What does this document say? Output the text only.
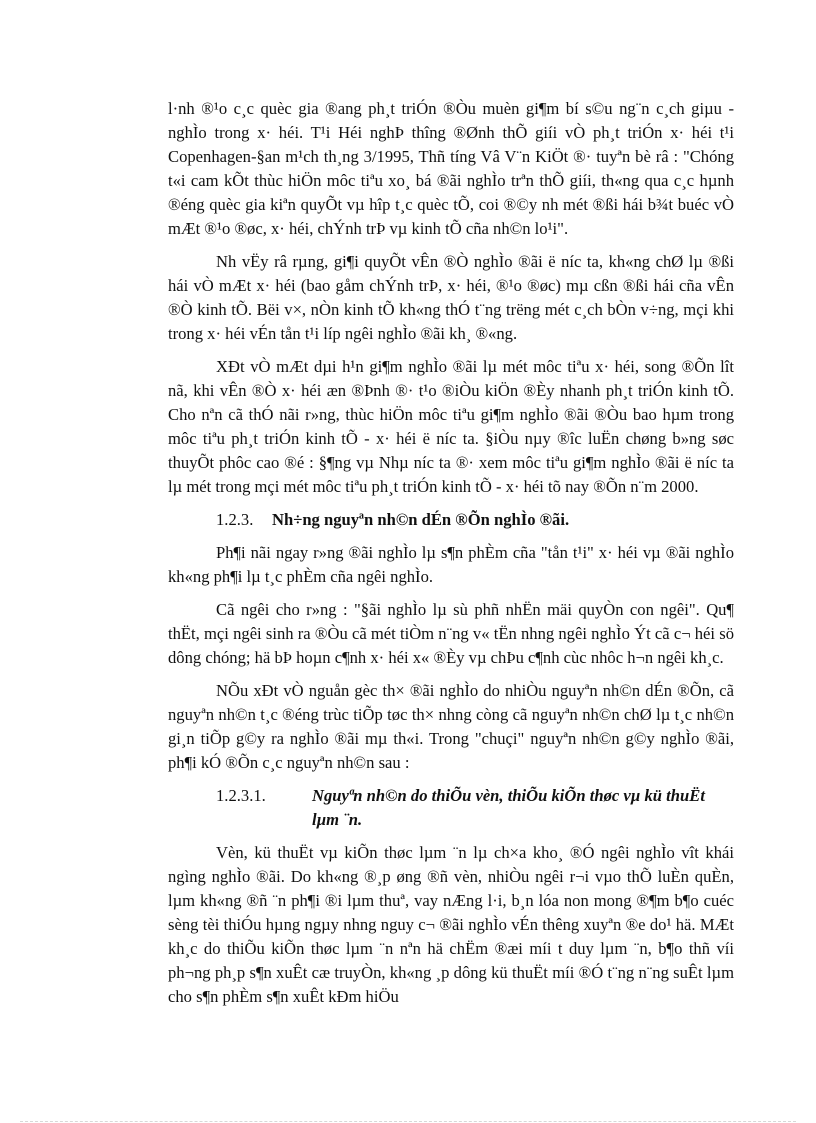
l·nh ®¹o c¸c quèc gia ®ang ph¸t triÓn ®Òu muèn gi¶m bí s©u ng¨n c¸ch giµu - nghÌo trong x· héi. T¹i Héi nghÞ thîng ®Ønh thÕ giíi vÒ ph¸t triÓn x· héi t¹i Copenhagen-§an m¹ch th¸ng 3/1995, Thñ tíng Vâ V¨n KiÖt ®· tuyªn bè râ : "Chóng t«i cam kÕt thùc hiÖn môc tiªu xo¸ bá ®ãi nghÌo trªn thÕ giíi, th«ng qua c¸c hµnh ®éng quèc gia kiªn quyÕt vµ hîp t¸c quèc tÕ, coi ®©y nh mét ®ßi hái b¾t buéc vÒ mÆt ®¹o ®øc, x· héi, chÝnh trÞ vµ kinh tÕ cña nh©n lo¹i".

Nh vËy râ rµng, gi¶i quyÕt vÊn ®Ò nghÌo ®ãi ë níc ta, kh«ng chØ lµ ®ßi hái vÒ mÆt x· héi (bao gåm chÝnh trÞ, x· héi, ®¹o ®øc) mµ cßn ®ßi hái cña vÊn ®Ò kinh tÕ. Bëi v×, nÒn kinh tÕ kh«ng thÓ t¨ng trëng mét c¸ch bÒn v÷ng, mçi khi trong x· héi vÉn tån t¹i líp ngêi nghÌo ®ãi kh¸ ®«ng.

XÐt vÒ mÆt dµi h¹n gi¶m nghÌo ®ãi lµ mét môc tiªu x· héi, song ®Õn lît nã, khi vÊn ®Ò x· héi æn ®Þnh ®· t¹o ®iÒu kiÖn ®Èy nhanh ph¸t triÓn kinh tÕ. Cho nªn cã thÓ nãi r»ng, thùc hiÖn môc tiªu gi¶m nghÌo ®ãi ®Òu bao hµm trong môc tiªu ph¸t triÓn kinh tÕ - x· héi ë níc ta. §iÒu nµy ®îc luËn chøng b»ng søc thuyÕt phôc cao ®é : §¶ng vµ Nhµ níc ta ®· xem môc tiªu gi¶m nghÌo ®ãi ë níc ta lµ mét trong mçi mét môc tiªu ph¸t triÓn kinh tÕ - x· héi tõ nay ®Õn n¨m 2000.

1.2.3.	Nh÷ng nguyªn nh©n dÉn ®Õn nghÌo ®ãi.

Ph¶i nãi ngay r»ng ®ãi nghÌo lµ s¶n phÈm cña "tån t¹i" x· héi vµ ®ãi nghÌo kh«ng ph¶i lµ t¸c phÈm cña ngêi nghÌo.

Cã ngêi cho r»ng : "§ãi nghÌo lµ sù phñ nhËn mäi quyÒn con ngêi". Qu¶ thËt, mçi ngêi sinh ra ®Òu cã mét tiÒm n¨ng v« tËn nhng ngêi nghÌo Ýt cã c¬ héi sö dông chóng; hä bÞ hoµn c¶nh x· héi x« ®Èy vµ chÞu c¶nh cùc nhôc h¬n ngêi kh¸c.

NÕu xÐt vÒ nguån gèc th× ®ãi nghÌo do nhiÒu nguyªn nh©n dÉn ®Õn, cã nguyªn nh©n t¸c ®éng trùc tiÕp tøc th× nhng còng cã nguyªn nh©n chØ lµ t¸c nh©n gi¸n tiÕp g©y ra nghÌo ®ãi mµ th«i. Trong "chuçi" nguyªn nh©n g©y nghÌo ®ãi, ph¶i kÓ ®Õn c¸c nguyªn nh©n sau :

1.2.3.1.	Nguyªn nh©n do thiÕu vèn, thiÕu kiÕn thøc vµ kü thuËt lµm ¨n.

Vèn, kü thuËt vµ kiÕn thøc lµm ¨n lµ ch×a kho¸ ®Ó ngêi nghÌo vît khái ngìng nghÌo ®ãi. Do kh«ng ®¸p øng ®ñ vèn, nhiÒu ngêi r¬i vµo thÕ luÈn quÈn, lµm kh«ng ®ñ ¨n ph¶i ®i lµm thuª, vay nÆng l·i, b¸n lóa non mong ®¶m b¶o cuéc sèng tèi thiÓu hµng ngµy nhng nguy c¬ ®ãi nghÌo vÉn thêng xuyªn ®e do¹ hä. MÆt kh¸c do thiÕu kiÕn thøc lµm ¨n nªn hä chËm ®æi míi t duy lµm ¨n, b¶o thñ víi ph¬ng ph¸p s¶n xuÊt cæ truyÒn, kh«ng ¸p dông kü thuËt míi ®Ó t¨ng n¨ng suÊt lµm cho s¶n phÈm s¶n xuÊt kÐm hiÖu
